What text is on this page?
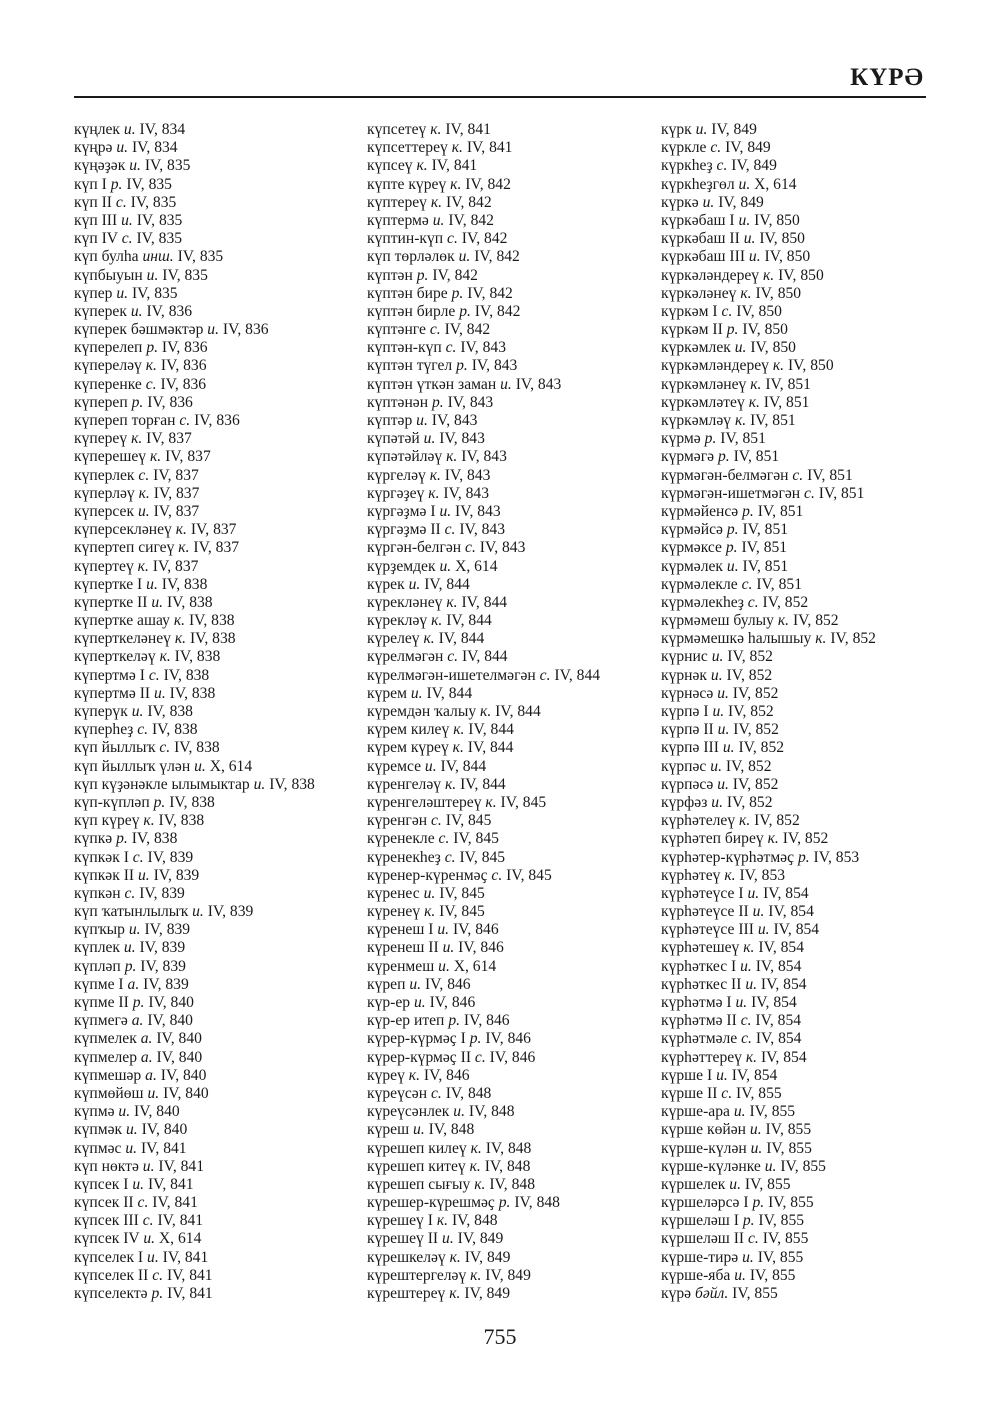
КҮРӘ
күңлек и. IV, 834
күңрә и. IV, 834
күңәҙәк и. IV, 835
күп I р. IV, 835
күп II с. IV, 835
күп III и. IV, 835
күп IV с. IV, 835
күп булһа инш. IV, 835
күпбыуын и. IV, 835
күпер и. IV, 835
күперек и. IV, 836
күперек бәшмәктәр и. IV, 836
күперелеп р. IV, 836
күпереләү к. IV, 836
күперенке с. IV, 836
күпереп р. IV, 836
күпереп торған с. IV, 836
күпереү к. IV, 837
күперешеү к. IV, 837
күперлек с. IV, 837
күперләү к. IV, 837
күперсек и. IV, 837
күперсекләнеү к. IV, 837
күпертеп сигеү к. IV, 837
күпертеү к. IV, 837
күпертке I и. IV, 838
күпертке II и. IV, 838
күпертке ашау к. IV, 838
күперткеләнеү к. IV, 838
күперткеләү к. IV, 838
күпертмә I с. IV, 838
күпертмә II и. IV, 838
күперүк и. IV, 838
күперһеҙ с. IV, 838
күп йыллыҡ с. IV, 838
күп йыллыҡ үлән и. X, 614
күп күҙәнәкле ылымыктар и. IV, 838
күп-күпләп р. IV, 838
күп күреү к. IV, 838
күпкә р. IV, 838
күпкәк I с. IV, 839
күпкәк II и. IV, 839
күпкән с. IV, 839
күп ҡатынлылыҡ и. IV, 839
күпҡыр и. IV, 839
күплек и. IV, 839
күпләп р. IV, 839
күпме I а. IV, 839
күпме II р. IV, 840
күпмегә а. IV, 840
күпмелек а. IV, 840
күпмелер а. IV, 840
күпмешәр а. IV, 840
күпмөйөш и. IV, 840
күпмә и. IV, 840
күпмәк и. IV, 840
күпмәс и. IV, 841
күп нөктә и. IV, 841
күпсек I и. IV, 841
күпсек II с. IV, 841
күпсек III с. IV, 841
күпсек IV и. X, 614
күпселек I и. IV, 841
күпселек II с. IV, 841
күпселектә р. IV, 841
күпсетеү к. IV, 841
күпсеттереү к. IV, 841
күпсеү к. IV, 841
күпте күреү к. IV, 842
күптереү к. IV, 842
күптермә и. IV, 842
күптин-күп с. IV, 842
күп төрләлөк и. IV, 842
күптән р. IV, 842
күптән бире р. IV, 842
күптән бирле р. IV, 842
күптәнге с. IV, 842
күптән-күп с. IV, 843
күптән түгел р. IV, 843
күптән үткән заман и. IV, 843
күптәнән р. IV, 843
күптәр и. IV, 843
күпәтәй и. IV, 843
күпәтәйләү к. IV, 843
күргеләү к. IV, 843
күргәҙеү к. IV, 843
күргәҙмә I и. IV, 843
күргәҙмә II с. IV, 843
күргән-белгән с. IV, 843
күрҙемдек и. X, 614
күрек и. IV, 844
күрекләнеү к. IV, 844
күрекләү к. IV, 844
күрелеү к. IV, 844
күрелмәгән с. IV, 844
күрелмәгән-ишетелмәгән с. IV, 844
күрем и. IV, 844
күремдән ҡалыу к. IV, 844
күрем килеү к. IV, 844
күрем күреү к. IV, 844
күремсе и. IV, 844
күренгеләү к. IV, 844
күренгеләштереү к. IV, 845
күренгән с. IV, 845
күренекле с. IV, 845
күренекһеҙ с. IV, 845
күренер-күренмәҫ с. IV, 845
күренес и. IV, 845
күренеү к. IV, 845
күренеш I и. IV, 846
күренеш II и. IV, 846
күренмеш и. X, 614
күреп и. IV, 846
күр-ер и. IV, 846
күр-ер итеп р. IV, 846
күрер-күрмәҫ I р. IV, 846
күрер-күрмәҫ II с. IV, 846
күреү к. IV, 846
күреүсән с. IV, 848
күреүсәнлек и. IV, 848
күреш и. IV, 848
күрешеп килеү к. IV, 848
күрешеп китеү к. IV, 848
күрешеп сығыу к. IV, 848
күрешер-күрешмәҫ р. IV, 848
күрешеү I к. IV, 848
күрешеү II и. IV, 849
күрешкеләү к. IV, 849
күрештергеләү к. IV, 849
күрештереү к. IV, 849
күрк и. IV, 849
күркле с. IV, 849
күркһеҙ с. IV, 849
күркһеҙгөл и. X, 614
күркә и. IV, 849
күркәбаш I и. IV, 850
күркәбаш II и. IV, 850
күркәбаш III и. IV, 850
күркәләндереү к. IV, 850
күркәләнеү к. IV, 850
күркәм I с. IV, 850
күркәм II р. IV, 850
күркәмлек и. IV, 850
күркәмләндереү к. IV, 850
күркәмләнеү к. IV, 851
күркәмләтеү к. IV, 851
күркәмләү к. IV, 851
күрмә р. IV, 851
күрмәгә р. IV, 851
күрмәгән-белмәгән с. IV, 851
күрмәгән-ишетмәгән с. IV, 851
күрмәйенсә р. IV, 851
күрмәйсә р. IV, 851
күрмәксе р. IV, 851
күрмәлек и. IV, 851
күрмәлекле с. IV, 851
күрмәлекһеҙ с. IV, 852
күрмәмеш булыу к. IV, 852
күрмәмешкә һалышыу к. IV, 852
күрнис и. IV, 852
күрнәк и. IV, 852
күрнәсә и. IV, 852
күрпә I и. IV, 852
күрпә II и. IV, 852
күрпә III и. IV, 852
күрпәс и. IV, 852
күрпәсә и. IV, 852
күрфәз и. IV, 852
күрһәтелеү к. IV, 852
күрһәтеп биреү к. IV, 852
күрһәтер-күрһәтмәҫ р. IV, 853
күрһәтеү к. IV, 853
күрһәтеүсе I и. IV, 854
күрһәтеүсе II и. IV, 854
күрһәтеүсе III и. IV, 854
күрһәтешеү к. IV, 854
күрһәткес I и. IV, 854
күрһәткес II и. IV, 854
күрһәтмә I и. IV, 854
күрһәтмә II с. IV, 854
күрһәтмәле с. IV, 854
күрһәттереү к. IV, 854
күрше I и. IV, 854
күрше II с. IV, 855
күрше-ара и. IV, 855
күрше көйән и. IV, 855
күрше-күлән и. IV, 855
күрше-күләнке и. IV, 855
күршелек и. IV, 855
күршеләрсә I р. IV, 855
күршеләш I р. IV, 855
күршеләш II с. IV, 855
күрше-тирә и. IV, 855
күрше-яба и. IV, 855
күрә бәйл. IV, 855
755
